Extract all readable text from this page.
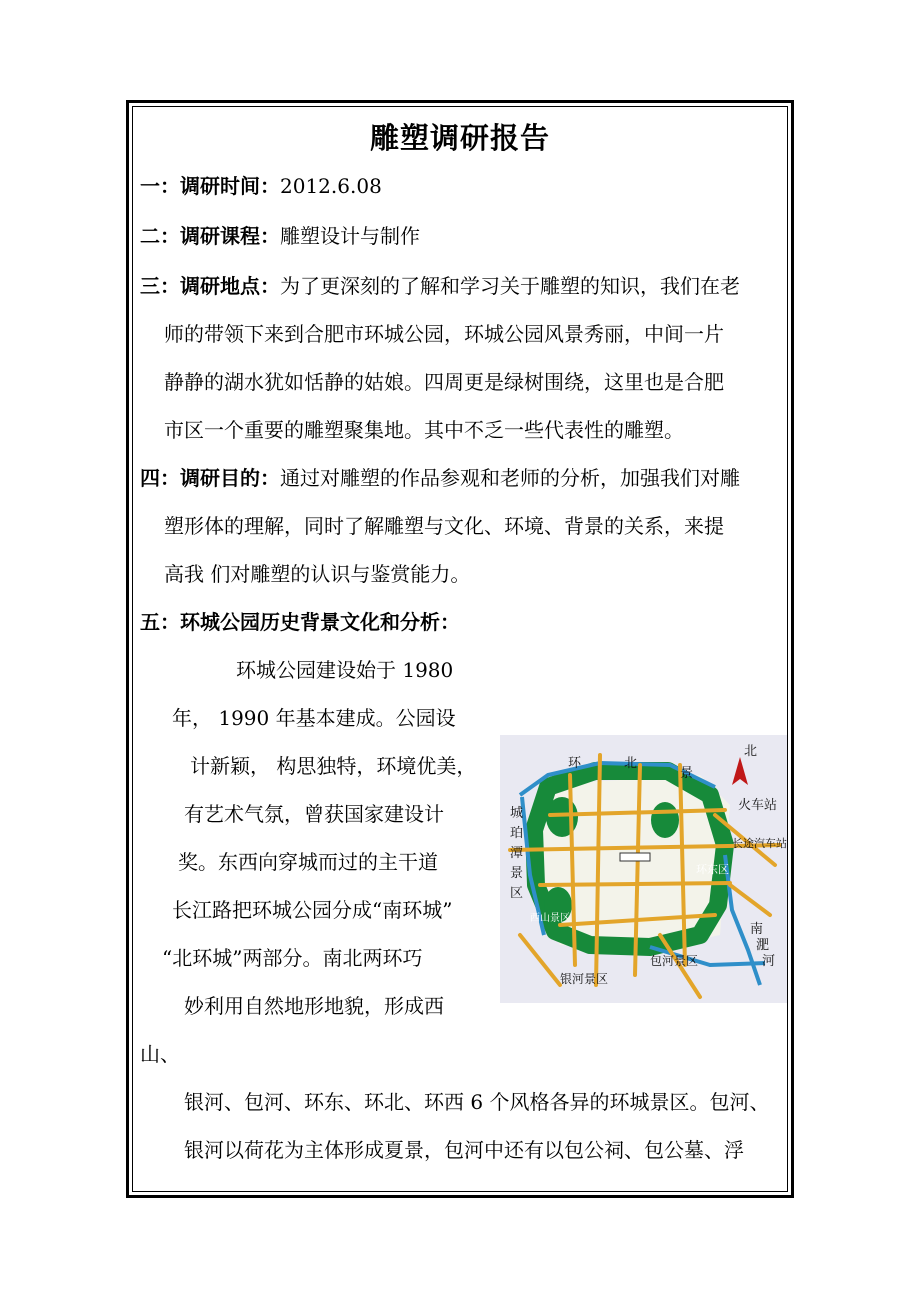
雕塑调研报告
一：调研时间：2012.6.08
二：调研课程：雕塑设计与制作
三：调研地点：为了更深刻的了解和学习关于雕塑的知识，我们在老
师的带领下来到合肥市环城公园，环城公园风景秀丽，中间一片
静静的湖水犹如恬静的姑娘。四周更是绿树围绕，这里也是合肥
市区一个重要的雕塑聚集地。其中不乏一些代表性的雕塑。
四：调研目的：通过对雕塑的作品参观和老师的分析，加强我们对雕
塑形体的理解，同时了解雕塑与文化、环境、背景的关系，来提
高我 们对雕塑的认识与鉴赏能力。
五：环城公园历史背景文化和分析：
环城公园建设始于 1980
年， 1990 年基本建成。公园设
计新颖， 构思独特，环境优美，
有艺术气氛，曾获国家建设计
奖。东西向穿城而过的主干道
长江路把环城公园分成“南环城”
“北环城”两部分。南北两环巧
妙利用自然地形地貌，形成西
山、
银河、包河、环东、环北、环西 6 个风格各异的环城景区。包河、
银河以荷花为主体形成夏景，包河中还有以包公祠、包公墓、浮
北
环	北
景
火车站
长途汽车站
城
珀
潭
景
区
银河景区
包河景区
南
淝
河
环东区
西山景区
